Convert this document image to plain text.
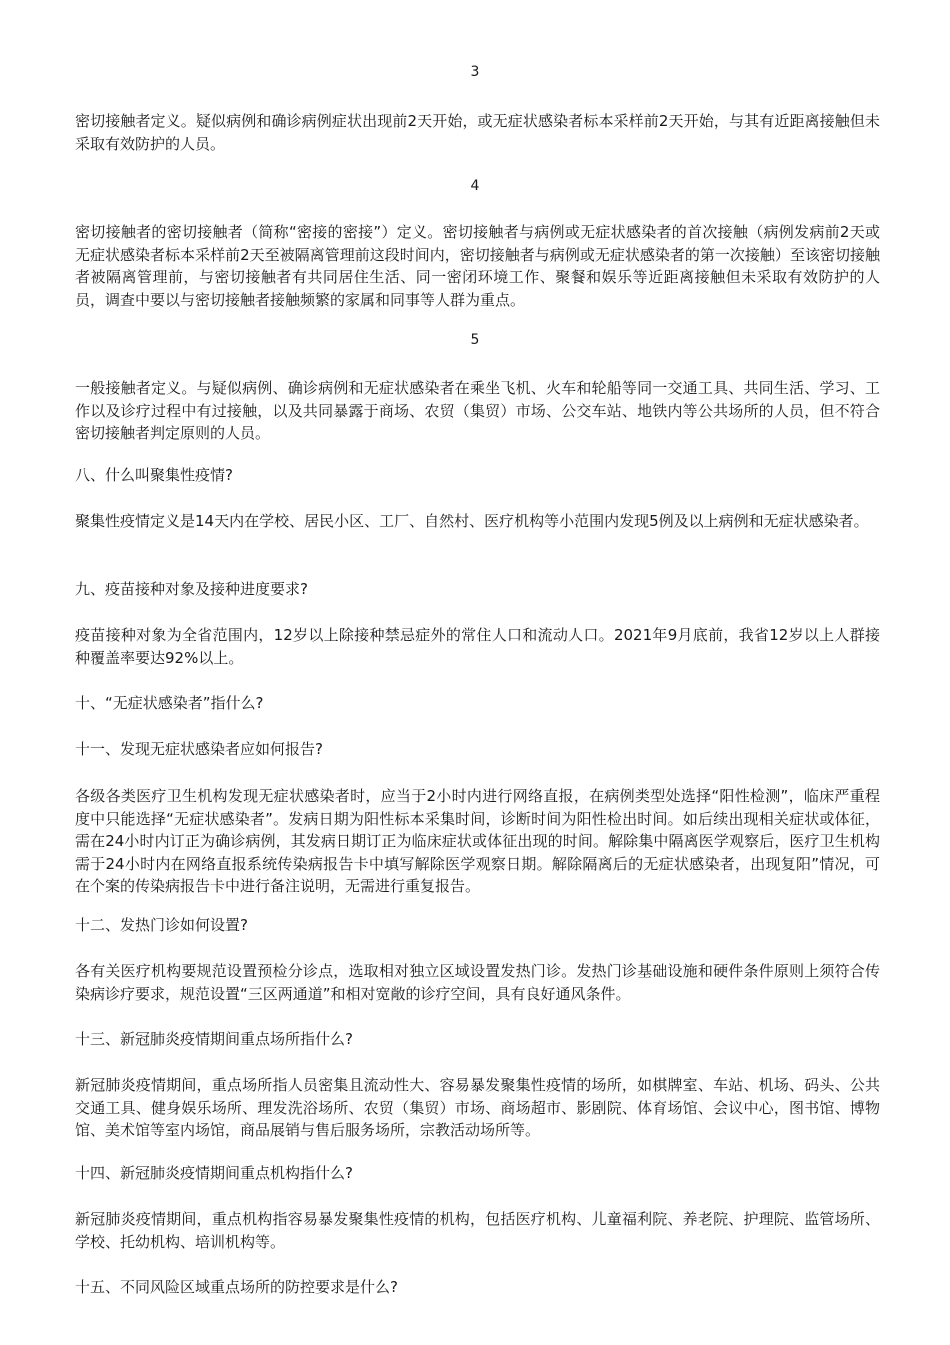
3

密切接触者定义。疑似病例和确诊病例症状出现前2天开始，或无症状感染者标本采样前2天开始，与其有近距离接触但未采取有效防护的人员。

4

密切接触者的密切接触者（简称“密接的密接”）定义。密切接触者与病例或无症状感染者的首次接触（病例发病前2天或无症状感染者标本采样前2天至被隔离管理前这段时间内，密切接触者与病例或无症状感染者的第一次接触）至该密切接触者被隔离管理前，与密切接触者有共同居住生活、同一密闭环境工作、聚餐和娱乐等近距离接触但未采取有效防护的人员，调查中要以与密切接触者接触频繁的家属和同事等人群为重点。

5

一般接触者定义。与疑似病例、确诊病例和无症状感染者在乘坐飞机、火车和轮船等同一交通工具、共同生活、学习、工作以及诊疗过程中有过接触，以及共同暴露于商场、农贸（集贸）市场、公交车站、地铁内等公共场所的人员，但不符合密切接触者判定原则的人员。

八、什么叫聚集性疫情?

聚集性疫情定义是14天内在学校、居民小区、工厂、自然村、医疗机构等小范围内发现5例及以上病例和无症状感染者。

九、疫苗接种对象及接种进度要求?

疫苗接种对象为全省范围内，12岁以上除接种禁忌症外的常住人口和流动人口。2021年9月底前，我省12岁以上人群接种覆盖率要达92%以上。

十、“无症状感染者”指什么?

十一、发现无症状感染者应如何报告?

各级各类医疗卫生机构发现无症状感染者时，应当于2小时内进行网络直报，在病例类型处选择“阳性检测”，临床严重程度中只能选择“无症状感染者”。发病日期为阳性标本采集时间，诊断时间为阳性检出时间。如后续出现相关症状或体征，需在24小时内订正为确诊病例，其发病日期订正为临床症状或体征出现的时间。解除集中隔离医学观察后，医疗卫生机构需于24小时内在网络直报系统传染病报告卡中填写解除医学观察日期。解除隔离后的无症状感染者，出现复阳”情况，可在个案的传染病报告卡中进行备注说明，无需进行重复报告。

十二、发热门诊如何设置?

各有关医疗机构要规范设置预检分诊点，选取相对独立区域设置发热门诊。发热门诊基础设施和硬件条件原则上须符合传染病诊疗要求，规范设置“三区两通道”和相对宽敞的诊疗空间，具有良好通风条件。

十三、新冠肺炎疫情期间重点场所指什么?

新冠肺炎疫情期间，重点场所指人员密集且流动性大、容易暴发聚集性疫情的场所，如棋牌室、车站、机场、码头、公共交通工具、健身娱乐场所、理发洗浴场所、农贸（集贸）市场、商场超市、影剧院、体育场馆、会议中心，图书馆、博物馆、美术馆等室内场馆，商品展销与售后服务场所，宗教活动场所等。

十四、新冠肺炎疫情期间重点机构指什么?

新冠肺炎疫情期间，重点机构指容易暴发聚集性疫情的机构，包括医疗机构、儿童福利院、养老院、护理院、监管场所、学校、托幼机构、培训机构等。

十五、不同风险区域重点场所的防控要求是什么?
